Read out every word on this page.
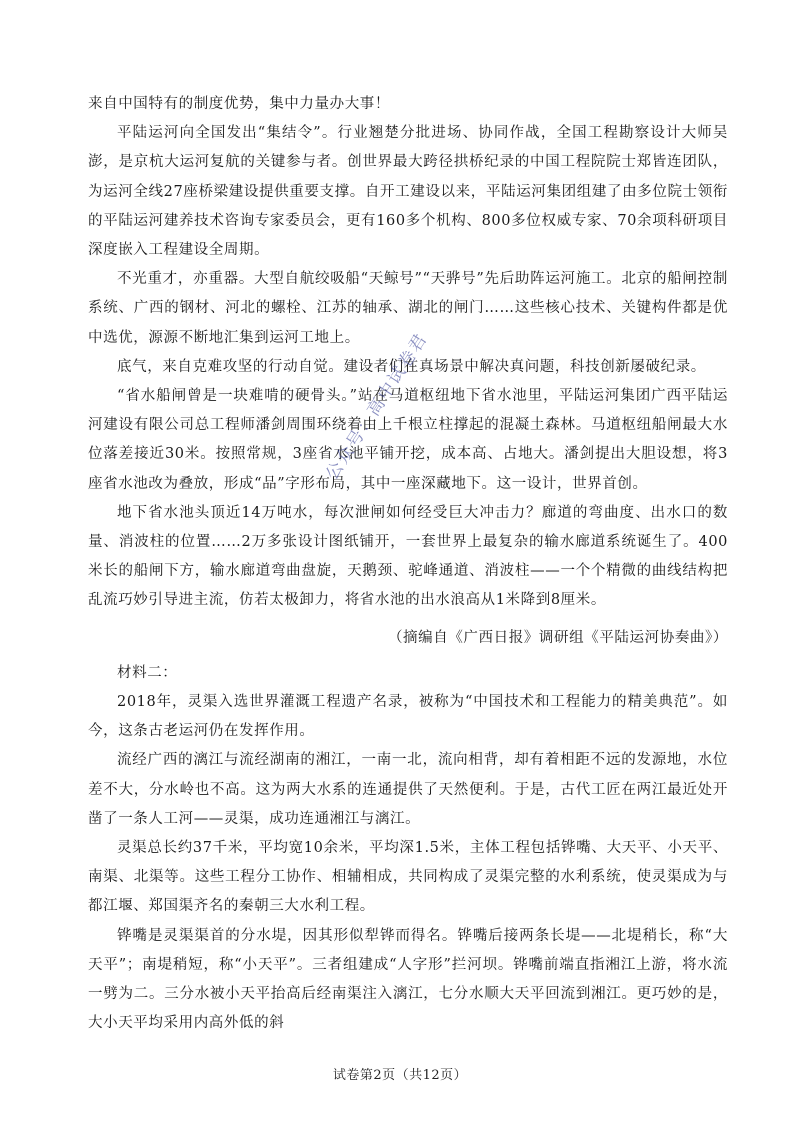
来自中国特有的制度优势，集中力量办大事！

平陆运河向全国发出“集结令”。行业翘楚分批进场、协同作战，全国工程勘察设计大师吴澎，是京杭大运河复航的关键参与者。创世界最大跨径拱桥纪录的中国工程院院士郑皆连团队，为运河全线27座桥梁建设提供重要支撑。自开工建设以来，平陆运河集团组建了由多位院士领衔的平陆运河建养技术咨询专家委员会，更有160多个机构、800多位权威专家、70余项科研项目深度嵌入工程建设全周期。

不光重才，亦重器。大型自航绞吸船“天鲸号”“天骅号”先后助阵运河施工。北京的船闸控制系统、广西的钢材、河北的螺栓、江苏的轴承、湖北的闸门……这些核心技术、关键构件都是优中选优，源源不断地汇集到运河工地上。

底气，来自克难攻坚的行动自觉。建设者们在真场景中解决真问题，科技创新屡破纪录。

“省水船闸曾是一块难啃的硬骨头。”站在马道枢纽地下省水池里，平陆运河集团广西平陆运河建设有限公司总工程师潘剑周围环绕着由上千根立柱撑起的混凝土森林。马道枢纽船闸最大水位落差接近30米。按照常规，3座省水池平铺开挖，成本高、占地大。潘剑提出大胆设想，将3座省水池改为叠放，形成“品”字形布局，其中一座深藏地下。这一设计，世界首创。

地下省水池头顶近14万吨水，每次泄闸如何经受巨大冲击力？廊道的弯曲度、出水口的数量、消波柱的位置……2万多张设计图纸铺开，一套世界上最复杂的输水廊道系统诞生了。400米长的船闸下方，输水廊道弯曲盘旋，天鹅颈、驼峰通道、消波柱——一个个精微的曲线结构把乱流巧妙引导进主流，仿若太极卸力，将省水池的出水浪高从1米降到8厘米。

（摘编自《广西日报》调研组《平陆运河协奏曲》）

材料二：

2018年，灵渠入选世界灌溉工程遗产名录，被称为“中国技术和工程能力的精美典范”。如今，这条古老运河仍在发挥作用。

流经广西的漓江与流经湖南的湘江，一南一北，流向相背，却有着相距不远的发源地，水位差不大，分水岭也不高。这为两大水系的连通提供了天然便利。于是，古代工匠在两江最近处开凿了一条人工河——灵渠，成功连通湘江与漓江。

灵渠总长约37千米，平均宽10余米，平均深1.5米，主体工程包括铧嘴、大天平、小天平、南渠、北渠等。这些工程分工协作、相辅相成，共同构成了灵渠完整的水利系统，使灵渠成为与都江堰、郑国渠齐名的秦朝三大水利工程。

铧嘴是灵渠渠首的分水堤，因其形似犁铧而得名。铧嘴后接两条长堤——北堤稍长，称“大天平”；南堤稍短，称“小天平”。三者组建成“人字形”拦河坝。铧嘴前端直指湘江上游，将水流一劈为二。三分水被小天平抬高后经南渠注入漓江，七分水顺大天平回流到湘江。更巧妙的是，大小天平均采用内高外低的斜

公众号：高中试卷君
试卷第2页（共12页）
